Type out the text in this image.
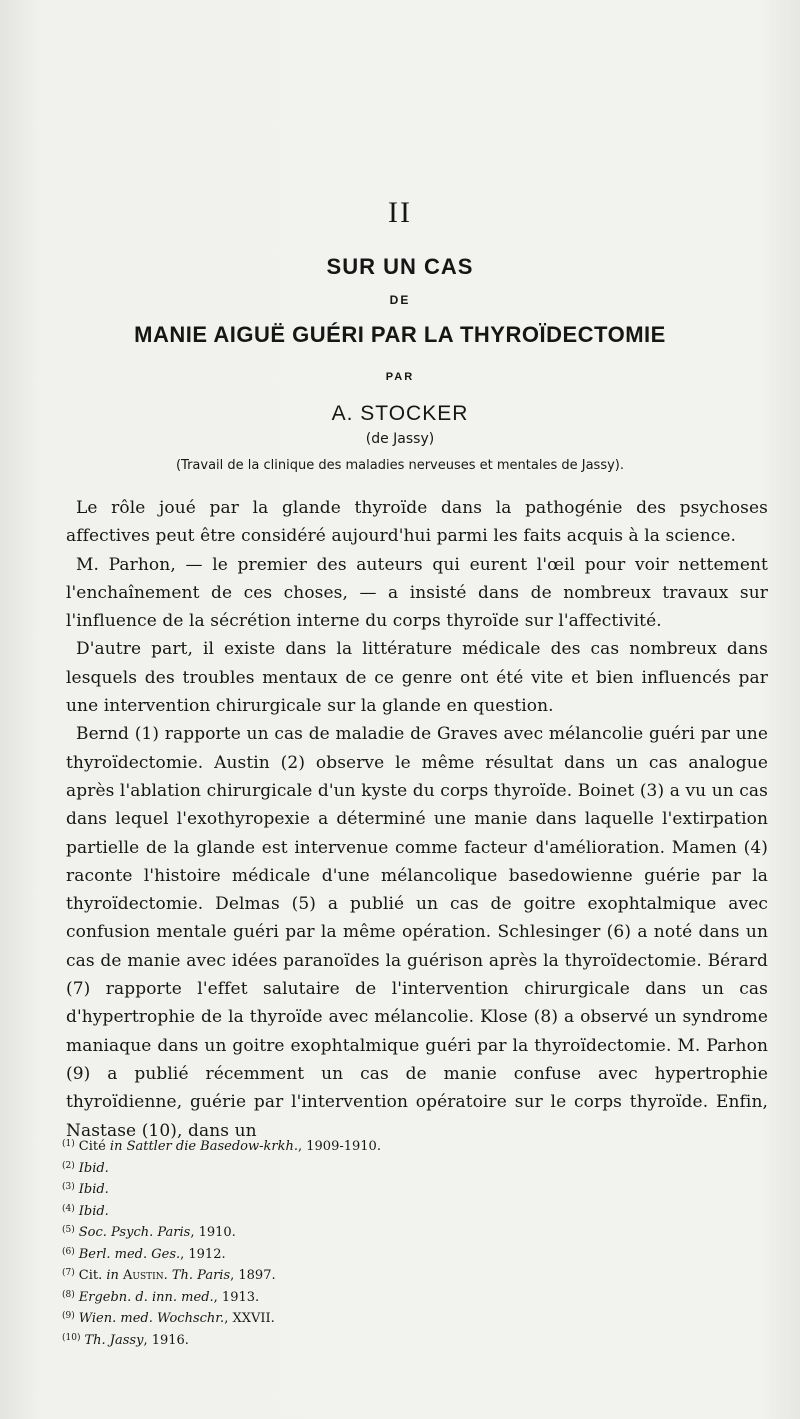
II
SUR UN CAS
DE
MANIE AIGUË GUÉRI PAR LA THYROÏDECTOMIE
PAR
A. STOCKER
(de Jassy)
(Travail de la clinique des maladies nerveuses et mentales de Jassy).

Le rôle joué par la glande thyroïde dans la pathogénie des psychoses affectives peut être considéré aujourd'hui parmi les faits acquis à la science.

M. Parhon, — le premier des auteurs qui eurent l'œil pour voir nettement l'enchaînement de ces choses, — a insisté dans de nombreux travaux sur l'influence de la sécrétion interne du corps thyroïde sur l'affectivité.

D'autre part, il existe dans la littérature médicale des cas nombreux dans lesquels des troubles mentaux de ce genre ont été vite et bien influencés par une intervention chirurgicale sur la glande en question.

Bernd (1) rapporte un cas de maladie de Graves avec mélancolie guéri par une thyroïdectomie. Austin (2) observe le même résultat dans un cas analogue après l'ablation chirurgicale d'un kyste du corps thyroïde. Boinet (3) a vu un cas dans lequel l'exothyropexie a déterminé une manie dans laquelle l'extirpation partielle de la glande est intervenue comme facteur d'amélioration. Mamen (4) raconte l'histoire médicale d'une mélancolique basedowienne guérie par la thyroïdectomie. Delmas (5) a publié un cas de goitre exophtalmique avec confusion mentale guéri par la même opération. Schlesinger (6) a noté dans un cas de manie avec idées paranoïdes la guérison après la thyroïdectomie. Bérard (7) rapporte l'effet salutaire de l'intervention chirurgicale dans un cas d'hypertrophie de la thyroïde avec mélancolie. Klose (8) a observé un syndrome maniaque dans un goitre exophtalmique guéri par la thyroïdectomie. M. Parhon (9) a publié récemment un cas de manie confuse avec hypertrophie thyroïdienne, guérie par l'intervention opératoire sur le corps thyroïde. Enfin, Nastase (10), dans un

$^{(1)}$ Cité in Sattler die Basedow-krkh., 1909-1910.
$^{(2)}$ Ibid.
$^{(3)}$ Ibid.
$^{(4)}$ Ibid.
$^{(5)}$ Soc. Psych. Paris, 1910.
$^{(6)}$ Berl. med. Ges., 1912.
$^{(7)}$ Cit. in Austin. Th. Paris, 1897.
$^{(8)}$ Ergebn. d. inn. med., 1913.
$^{(9)}$ Wien. med. Wochschr., XXVII.
$^{(10)}$ Th. Jassy, 1916.
